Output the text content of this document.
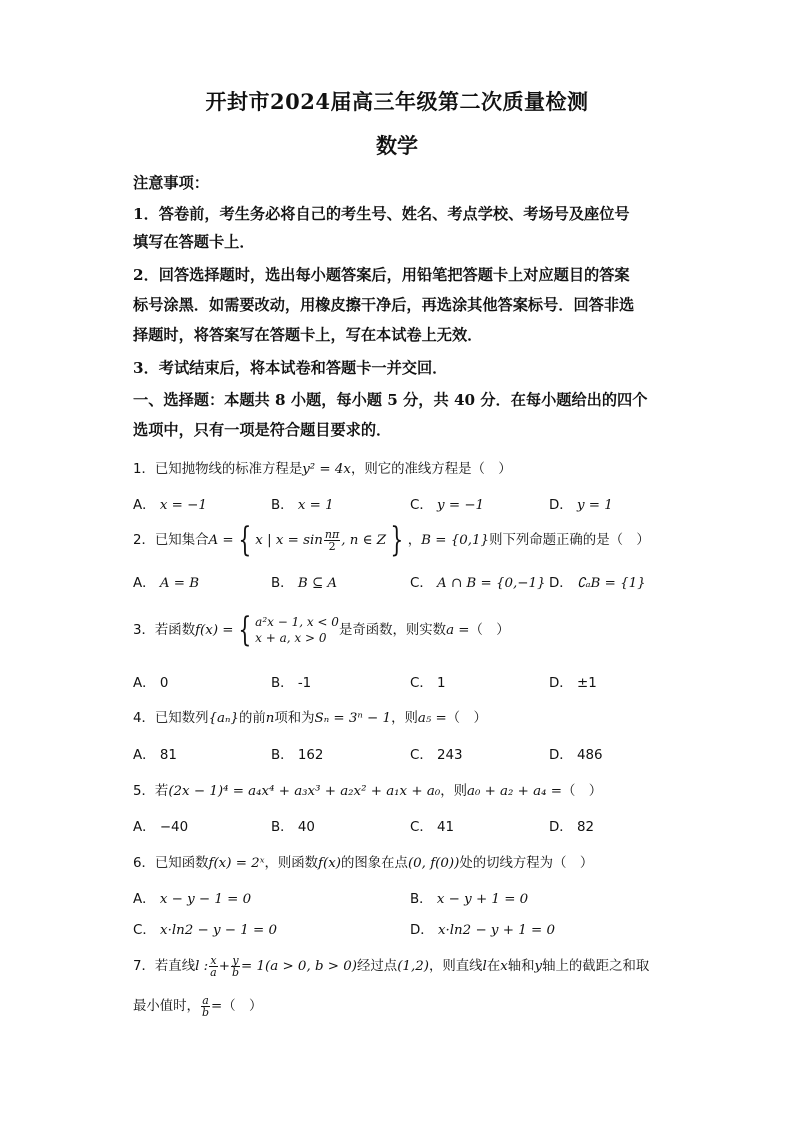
开封市2024届高三年级第二次质量检测
数学
注意事项：
1．答卷前，考生务必将自己的考生号、姓名、考点学校、考场号及座位号
填写在答题卡上．
2．回答选择题时，选出每小题答案后，用铅笔把答题卡上对应题目的答案
标号涂黑．如需要改动，用橡皮擦干净后，再选涂其他答案标号．回答非选
择题时，将答案写在答题卡上，写在本试卷上无效．
3．考试结束后，将本试卷和答题卡一并交回．
一、选择题：本题共 8 小题，每小题 5 分，共 40 分．在每小题给出的四个
选项中，只有一项是符合题目要求的．
1．已知抛物线的标准方程是y² = 4x，则它的准线方程是（　）
A． x = −1	B． x = 1	C． y = −1	D． y = 1
2．已知集合A = { x | $x = \sin \frac{n\pi}{2}$ , n ∈ Z } ，B = {0,1}则下列命题正确的是（　）
A． A = B	B． B ⊆ A	C． A ∩ B = {0,−1} D． ∁ₐB = {1}
3．若函数f(x) = { a²x − 1, x < 0
x + a, x > 0 是奇函数，则实数a =（　）
A． 0	B． -1	C． 1	D． ±1
4．已知数列{aₙ}的前n项和为Sₙ = 3ⁿ − 1，则a₅ =（　）
A． 81	B． 162	C． 243	D． 486
5．若(2x − 1)⁴ = a₄x⁴ + a₃x³ + a₂x² + a₁x + a₀，则a₀ + a₂ + a₄ =（　）
A． −40	B． 40	C． 41	D． 82
6．已知函数f(x) = 2ˣ，则函数f(x)的图象在点(0, f(0))处的切线方程为（　）
A． x − y − 1 = 0	B． x − y + 1 = 0
C． x·ln2 − y − 1 = 0	D． x·ln2 − y + 1 = 0
7．若直线l : $\frac{x}{a} + \frac{y}{b} = 1(a > 0$, b > 0)经过点(1,2)，则直线l在x轴和y轴上的截距之和取
最小值时， $\frac{a}{b}$ =（　）
